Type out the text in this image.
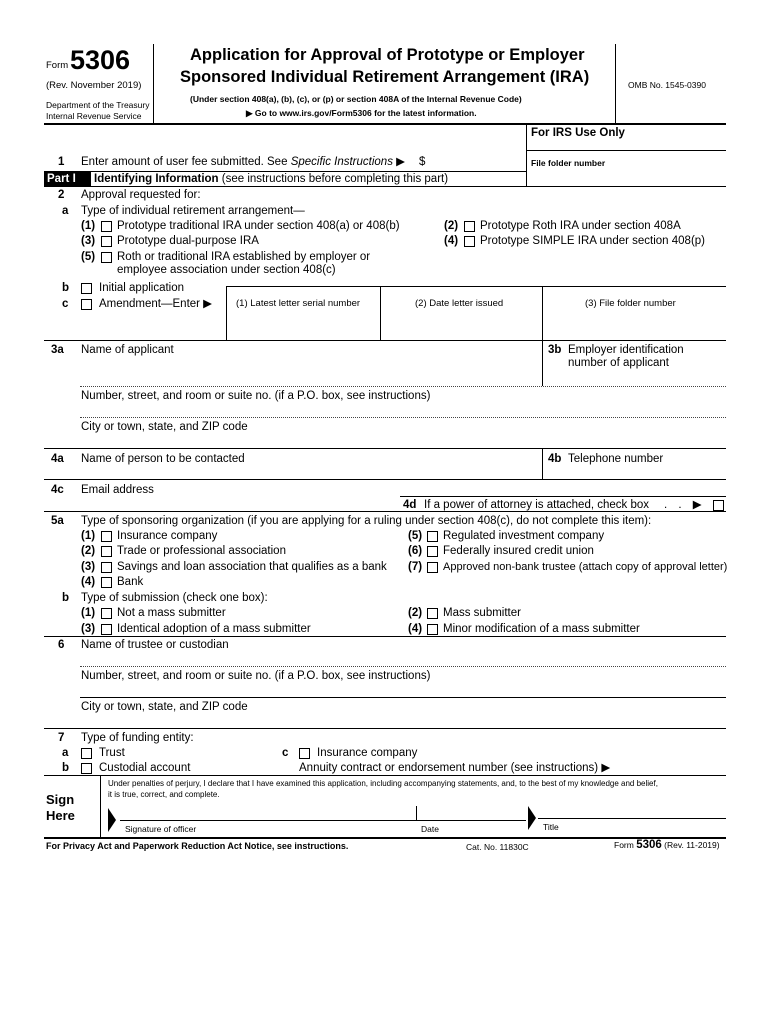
Form 5306
(Rev. November 2019)
Department of the Treasury
Internal Revenue Service
Application for Approval of Prototype or Employer
Sponsored Individual Retirement Arrangement (IRA)
(Under section 408(a), (b), (c), or (p) or section 408A of the Internal Revenue Code)
▶ Go to www.irs.gov/Form5306 for the latest information.
OMB No. 1545-0390
For IRS Use Only
File folder number
1 Enter amount of user fee submitted. See Specific Instructions ▶ $
Part I	Identifying Information (see instructions before completing this part)
2 Approval requested for:
a Type of individual retirement arrangement—
(1) Prototype traditional IRA under section 408(a) or 408(b)	(2) Prototype Roth IRA under section 408A
(3) Prototype dual-purpose IRA	(4) Prototype SIMPLE IRA under section 408(p)
(5) Roth or traditional IRA established by employer or
employee association under section 408(c)
b	Initial application
c	Amendment—Enter ▶	(1) Latest letter serial number	(2) Date letter issued	(3) File folder number
3a Name of applicant	3b Employer identification
number of applicant
Number, street, and room or suite no. (if a P.O. box, see instructions)
City or town, state, and ZIP code
4a Name of person to be contacted	4b Telephone number
4c Email address
4d If a power of attorney is attached, check box . . ▶
5a Type of sponsoring organization (if you are applying for a ruling under section 408(c), do not complete this item):
(1) Insurance company	(5) Regulated investment company
(2) Trade or professional association	(6) Federally insured credit union
(3) Savings and loan association that qualifies as a bank (7) Approved non-bank trustee (attach copy of approval letter)
(4) Bank
b Type of submission (check one box):
(1) Not a mass submitter	(2) Mass submitter
(3) Identical adoption of a mass submitter	(4) Minor modification of a mass submitter
6 Name of trustee or custodian
Number, street, and room or suite no. (if a P.O. box, see instructions)
City or town, state, and ZIP code
7 Type of funding entity:
a	Trust
b	Custodial account
c Insurance company
Annuity contract or endorsement number (see instructions) ▶
Sign
Here
Under penalties of perjury, I declare that I have examined this application, including accompanying statements, and, to the best of my knowledge and belief,
it is true, correct, and complete.
Signature of officer	Date	Title
For Privacy Act and Paperwork Reduction Act Notice, see instructions.	Cat. No. 11830C	Form 5306 (Rev. 11-2019)
